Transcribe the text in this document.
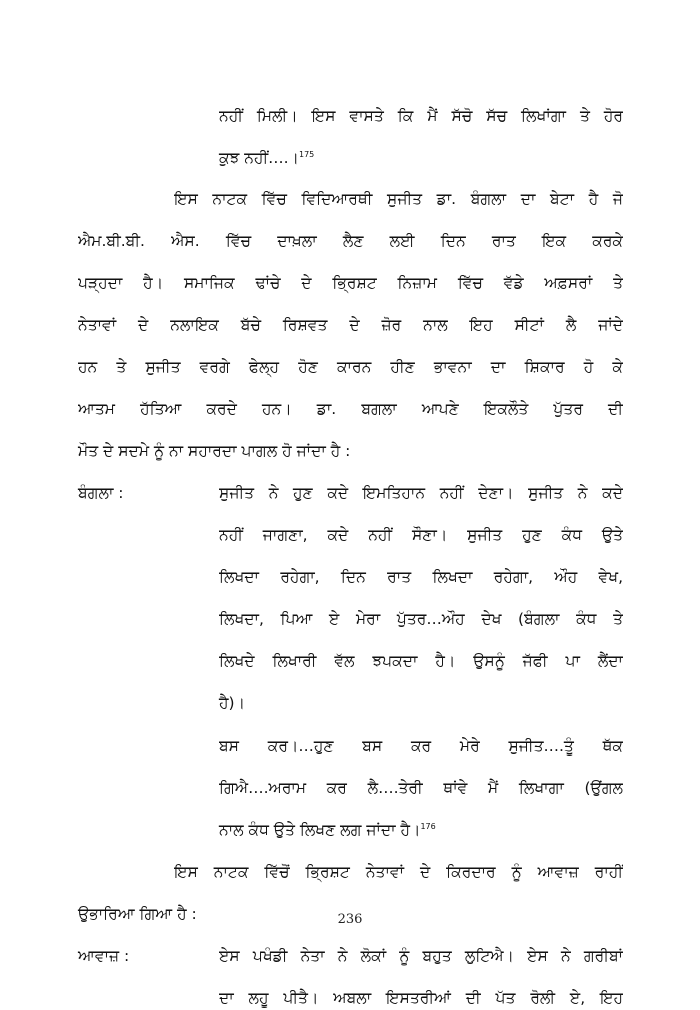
ਨਹੀਂ ਮਿਲੀ। ਇਸ ਵਾਸਤੇ ਕਿ ਮੈਂ ਸੱਚੋ ਸੱਚ ਲਿਖਾਂਗਾ ਤੇ ਹੋਰ
ਕੁਝ ਨਹੀਂ….।$^{175}$
ਇਸ ਨਾਟਕ ਵਿੱਚ ਵਿਦਿਆਰਥੀ ਸੁਜੀਤ ਡਾ. ਬੰਗਲਾ ਦਾ ਬੇਟਾ ਹੈ ਜੋ
ਐਮ.ਬੀ.ਬੀ. ਐਸ. ਵਿੱਚ ਦਾਖ਼ਲਾ ਲੈਣ ਲਈ ਦਿਨ ਰਾਤ ਇਕ ਕਰਕੇ
ਪੜ੍ਹਦਾ ਹੈ। ਸਮਾਜਿਕ ਢਾਂਚੇ ਦੇ ਭ੍ਰਿਸ਼ਟ ਨਿਜ਼ਾਮ ਵਿੱਚ ਵੱਡੇ ਅਫ਼ਸਰਾਂ ਤੇ
ਨੇਤਾਵਾਂ ਦੇ ਨਲਾਇਕ ਬੱਚੇ ਰਿਸ਼ਵਤ ਦੇ ਜ਼ੋਰ ਨਾਲ ਇਹ ਸੀਟਾਂ ਲੈ ਜਾਂਦੇ
ਹਨ ਤੇ ਸੁਜੀਤ ਵਰਗੇ ਫੇਲ੍ਹ ਹੋਣ ਕਾਰਨ ਹੀਣ ਭਾਵਨਾ ਦਾ ਸ਼ਿਕਾਰ ਹੋ ਕੇ
ਆਤਮ ਹੱਤਿਆ ਕਰਦੇ ਹਨ। ਡਾ. ਬਗਲਾ ਆਪਣੇ ਇਕਲੌਤੇ ਪੁੱਤਰ ਦੀ
ਮੌਤ ਦੇ ਸਦਮੇ ਨੂੰ ਨਾ ਸਹਾਰਦਾ ਪਾਗਲ ਹੋ ਜਾਂਦਾ ਹੈ :
ਬੰਗਲਾ :	ਸੁਜੀਤ ਨੇ ਹੁਣ ਕਦੇ ਇਮਤਿਹਾਨ ਨਹੀਂ ਦੇਣਾ। ਸੁਜੀਤ ਨੇ ਕਦੇ
ਨਹੀਂ ਜਾਗਣਾ, ਕਦੇ ਨਹੀਂ ਸੌਣਾ। ਸੁਜੀਤ ਹੁਣ ਕੰਧ ਉਤੇ
ਲਿਖਦਾ ਰਹੇਗਾ, ਦਿਨ ਰਾਤ ਲਿਖਦਾ ਰਹੇਗਾ, ਔਹ ਵੇਖ,
ਲਿਖਦਾ, ਪਿਆ ਏ ਮੇਰਾ ਪੁੱਤਰ…ਔਹ ਦੇਖ (ਬੰਗਲਾ ਕੰਧ ਤੇ
ਲਿਖਦੇ ਲਿਖਾਰੀ ਵੱਲ ਝਪਕਦਾ ਹੈ। ਉਸਨੂੰ ਜੱਫੀ ਪਾ ਲੈਂਦਾ
ਹੈ)।
ਬਸ ਕਰ।…ਹੁਣ ਬਸ ਕਰ ਮੇਰੇ ਸੁਜੀਤ….ਤੂੰ ਥੱਕ
ਗਿਐ….ਅਰਾਮ ਕਰ ਲੈ….ਤੇਰੀ ਥਾਂਵੇ ਮੈਂ ਲਿਖਾਗਾ (ਉਂਗਲ
ਨਾਲ ਕੰਧ ਉਤੇ ਲਿਖਣ ਲਗ ਜਾਂਦਾ ਹੈ।$^{176}$
ਇਸ ਨਾਟਕ ਵਿੱਚੋਂ ਭ੍ਰਿਸ਼ਟ ਨੇਤਾਵਾਂ ਦੇ ਕਿਰਦਾਰ ਨੂੰ ਆਵਾਜ਼ ਰਾਹੀਂ
ਉਭਾਰਿਆ ਗਿਆ ਹੈ :
ਆਵਾਜ਼ :	ਏਸ ਪਖੰਡੀ ਨੇਤਾ ਨੇ ਲੋਕਾਂ ਨੂੰ ਬਹੁਤ ਲੁਟਿਐ। ਏਸ ਨੇ ਗਰੀਬਾਂ
ਦਾ ਲਹੂ ਪੀਤੈ। ਅਬਲਾ ਇਸਤਰੀਆਂ ਦੀ ਪੱਤ ਰੋਲੀ ਏ, ਇਹ
236
